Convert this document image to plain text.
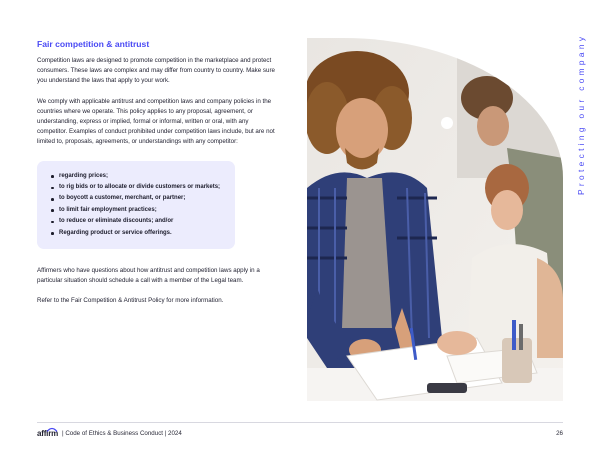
Fair competition & antitrust

Competition laws are designed to promote competition in the marketplace and protect consumers. These laws are complex and may differ from country to country. Make sure you understand the laws that apply to your work.

We comply with applicable antitrust and competition laws and company policies in the countries where we operate. This policy applies to any proposal, agreement, or understanding, express or implied, formal or informal, written or oral, with any competitor. Examples of conduct prohibited under competition laws include, but are not limited to, proposals, agreements, or understandings with any competitor:

regarding prices;
to rig bids or to allocate or divide customers or markets;
to boycott a customer, merchant, or partner;
to limit fair employment practices;
to reduce or eliminate discounts; and/or
Regarding product or service offerings.

Affirmers who have questions about how antitrust and competition laws apply in a particular situation should schedule a call with a member of the Legal team.

Refer to the Fair Competition & Antitrust Policy for more information.

Protecting our company
affirm | Code of Ethics & Business Conduct | 2024	26
